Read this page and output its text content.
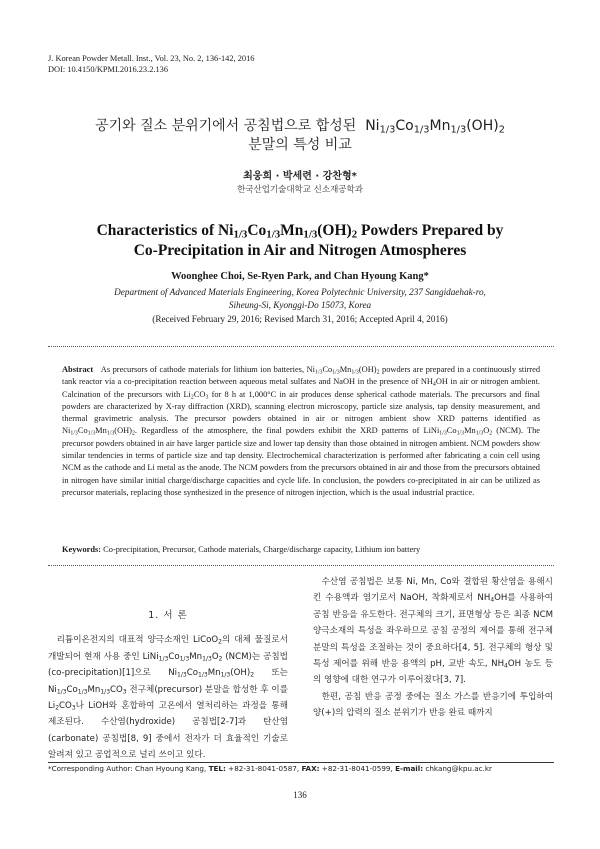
J. Korean Powder Metall. Inst., Vol. 23, No. 2, 136-142, 2016
DOI: 10.4150/KPMI.2016.23.2.136
공기와 질소 분위기에서 공침법으로 합성된 $Ni_{1/3}Co_{1/3}Mn_{1/3}(OH)_2$
분말의 특성 비교
최웅희 · 박세련 · 강찬형*
한국산업기술대학교 신소재공학과
Characteristics of $Ni_{1/3}Co_{1/3}Mn_{1/3}(OH)_2$ Powders Prepared by
Co-Precipitation in Air and Nitrogen Atmospheres
Woonghee Choi, Se-Ryen Park, and Chan Hyoung Kang*
Department of Advanced Materials Engineering, Korea Polytechnic University, 237 Sangidaehak-ro,
Siheung-Si, Kyonggi-Do 15073, Korea
(Received February 29, 2016; Revised March 31, 2016; Accepted April 4, 2016)
Abstract As precursors of cathode materials for lithium ion batteries, $Ni_{1/3}Co_{1/3}Mn_{1/3}(OH)_2$ powders are prepared in a continuously stirred tank reactor via a co-precipitation reaction between aqueous metal sulfates and NaOH in the presence of $NH_4OH$ in air or nitrogen ambient. Calcination of the precursors with $Li_2CO_3$ for 8 h at 1,000°C in air produces dense spherical cathode materials. The precursors and final powders are characterized by X-ray diffraction (XRD), scanning electron microscopy, particle size analysis, tap density measurement, and thermal gravimetric analysis. The precursor powders obtained in air or nitrogen ambient show XRD patterns identified as $Ni_{1/3}Co_{1/3}Mn_{1/3}(OH)_2$. Regardless of the atmosphere, the final powders exhibit the XRD patterns of $LiNi_{1/3}Co_{1/3}Mn_{1/3}O_2$ (NCM). The precursor powders obtained in air have larger particle size and lower tap density than those obtained in nitrogen ambient. NCM powders show similar tendencies in terms of particle size and tap density. Electrochemical characterization is performed after fabricating a coin cell using NCM as the cathode and Li metal as the anode. The NCM powders from the precursors obtained in air and those from the precursors obtained in nitrogen have similar initial charge/discharge capacities and cycle life. In conclusion, the powders co-precipitated in air can be utilized as precursor materials, replacing those synthesized in the presence of nitrogen injection, which is the usual industrial practice.
Keywords: Co-precipitation, Precursor, Cathode materials, Charge/discharge capacity, Lithium ion battery
1. 서 론

리튬이온전지의 대표적 양극소재인 LiCoO$_2$의 대체 물질로서 개발되어 현재 사용 중인 $LiNi_{1/3}Co_{1/3}Mn_{1/3}O_2$ (NCM)는 공침법(co-precipitation)[1]으로 $Ni_{1/3}Co_{1/3}Mn_{1/3}(OH)_2$ 또는 $Ni_{1/3}Co_{1/3}Mn_{1/3}CO_3$ 전구체(precursor) 분말을 합성한 후 이를 $Li_2CO_3$나 LiOH와 혼합하여 고온에서 열처리하는 과정을 통해 제조된다. 수산염(hydroxide) 공침법[2-7]과 탄산염(carbonate) 공침법[8, 9] 중에서 전자가 더 효율적인 기술로 알려져 있고 공업적으로 널리 쓰이고 있다.

수산염 공침법은 보통 Ni, Mn, Co와 결합된 황산염을 용해시킨 수용액과 염기로서 NaOH, 착화제로서 $NH_4OH$를 사용하여 공침 반응을 유도한다. 전구체의 크기, 표면형상 등은 최종 NCM 양극소재의 특성을 좌우하므로 공침 공정의 제어를 통해 전구체 분말의 특성을 조절하는 것이 중요하다[4, 5]. 전구체의 형상 및 특성 제어를 위해 반응 용액의 pH, 교반 속도, $NH_4OH$ 농도 등의 영향에 대한 연구가 이루어졌다[3, 7].

한편, 공침 반응 공정 중에는 질소 가스를 반응기에 투입하여 양(+)의 압력의 질소 분위기가 반응 완료 때까지

*Corresponding Author: Chan Hyoung Kang, TEL: +82-31-8041-0587, FAX: +82-31-8041-0599, E-mail: chkang@kpu.ac.kr
136
